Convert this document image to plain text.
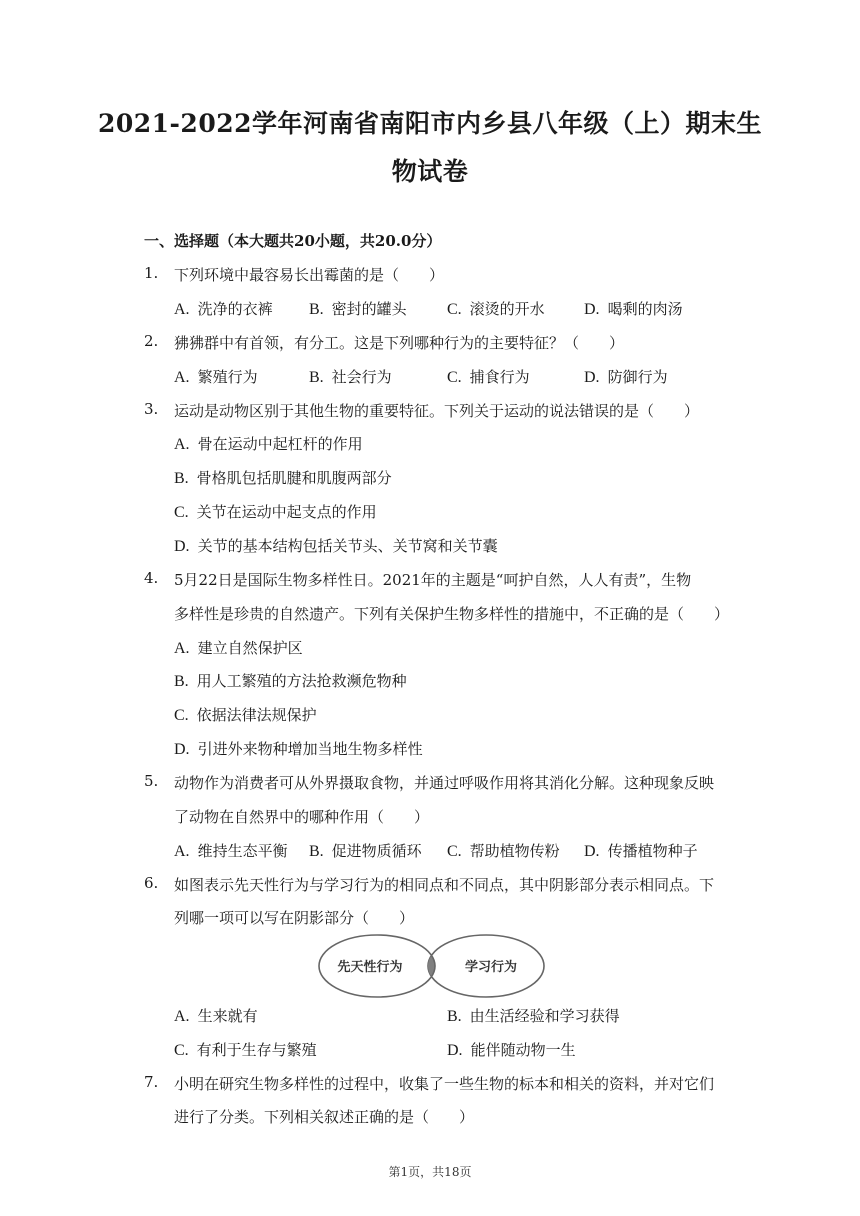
2021-2022学年河南省南阳市内乡县八年级（上）期末生
物试卷
一、选择题（本大题共20小题，共20.0分）
1. 下列环境中最容易长出霉菌的是（　　）
A. 洗净的衣裤 B. 密封的罐头	C. 滚烫的开水 D. 喝剩的肉汤
2. 狒狒群中有首领，有分工。这是下列哪种行为的主要特征？（　　）
A. 繁殖行为	B. 社会行为	C. 捕食行为	D. 防御行为
3. 运动是动物区别于其他生物的重要特征。下列关于运动的说法错误的是（　　）
A. 骨在运动中起杠杆的作用
B. 骨格肌包括肌腱和肌腹两部分
C. 关节在运动中起支点的作用
D. 关节的基本结构包括关节头、关节窝和关节囊
4. 5月22日是国际生物多样性日。2021年的主题是“呵护自然，人人有责”，生物
多样性是珍贵的自然遗产。下列有关保护生物多样性的措施中，不正确的是（　　）
A. 建立自然保护区
B. 用人工繁殖的方法抢救濒危物种
C. 依据法律法规保护
D. 引进外来物种增加当地生物多样性
5. 动物作为消费者可从外界摄取食物，并通过呼吸作用将其消化分解。这种现象反映
了动物在自然界中的哪种作用（　　）
A. 维持生态平衡 B. 促进物质循环 C. 帮助植物传粉 D. 传播植物种子
6. 如图表示先天性行为与学习行为的相同点和不同点，其中阴影部分表示相同点。下
列哪一项可以写在阴影部分（　　）
先天性行为	学习行为
A. 生来就有	B. 由生活经验和学习获得
C. 有利于生存与繁殖	D. 能伴随动物一生
7. 小明在研究生物多样性的过程中，收集了一些生物的标本和相关的资料，并对它们
进行了分类。下列相关叙述正确的是（　　）
第1页，共18页
